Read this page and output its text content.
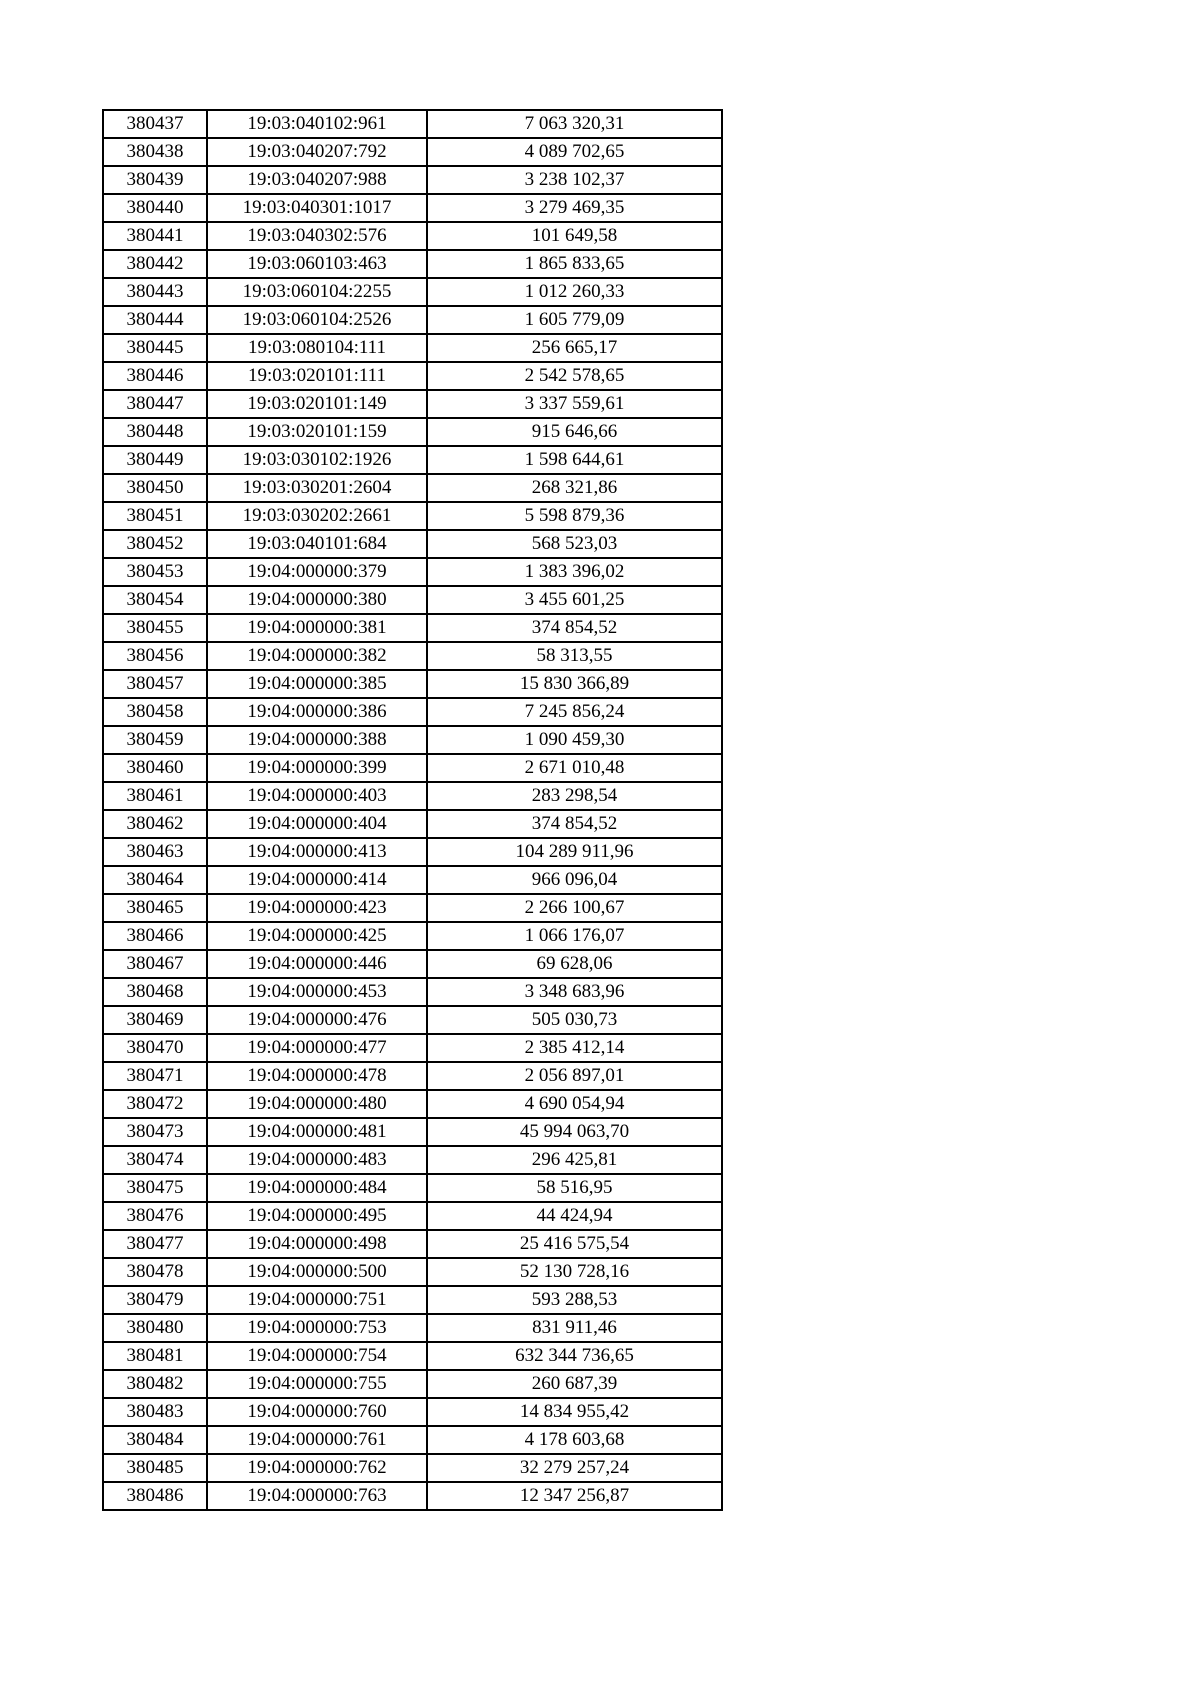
380437	19:03:040102:961	7 063 320,31
380438	19:03:040207:792	4 089 702,65
380439	19:03:040207:988	3 238 102,37
380440	19:03:040301:1017	3 279 469,35
380441	19:03:040302:576	101 649,58
380442	19:03:060103:463	1 865 833,65
380443	19:03:060104:2255	1 012 260,33
380444	19:03:060104:2526	1 605 779,09
380445	19:03:080104:111	256 665,17
380446	19:03:020101:111	2 542 578,65
380447	19:03:020101:149	3 337 559,61
380448	19:03:020101:159	915 646,66
380449	19:03:030102:1926	1 598 644,61
380450	19:03:030201:2604	268 321,86
380451	19:03:030202:2661	5 598 879,36
380452	19:03:040101:684	568 523,03
380453	19:04:000000:379	1 383 396,02
380454	19:04:000000:380	3 455 601,25
380455	19:04:000000:381	374 854,52
380456	19:04:000000:382	58 313,55
380457	19:04:000000:385	15 830 366,89
380458	19:04:000000:386	7 245 856,24
380459	19:04:000000:388	1 090 459,30
380460	19:04:000000:399	2 671 010,48
380461	19:04:000000:403	283 298,54
380462	19:04:000000:404	374 854,52
380463	19:04:000000:413	104 289 911,96
380464	19:04:000000:414	966 096,04
380465	19:04:000000:423	2 266 100,67
380466	19:04:000000:425	1 066 176,07
380467	19:04:000000:446	69 628,06
380468	19:04:000000:453	3 348 683,96
380469	19:04:000000:476	505 030,73
380470	19:04:000000:477	2 385 412,14
380471	19:04:000000:478	2 056 897,01
380472	19:04:000000:480	4 690 054,94
380473	19:04:000000:481	45 994 063,70
380474	19:04:000000:483	296 425,81
380475	19:04:000000:484	58 516,95
380476	19:04:000000:495	44 424,94
380477	19:04:000000:498	25 416 575,54
380478	19:04:000000:500	52 130 728,16
380479	19:04:000000:751	593 288,53
380480	19:04:000000:753	831 911,46
380481	19:04:000000:754	632 344 736,65
380482	19:04:000000:755	260 687,39
380483	19:04:000000:760	14 834 955,42
380484	19:04:000000:761	4 178 603,68
380485	19:04:000000:762	32 279 257,24
380486	19:04:000000:763	12 347 256,87
